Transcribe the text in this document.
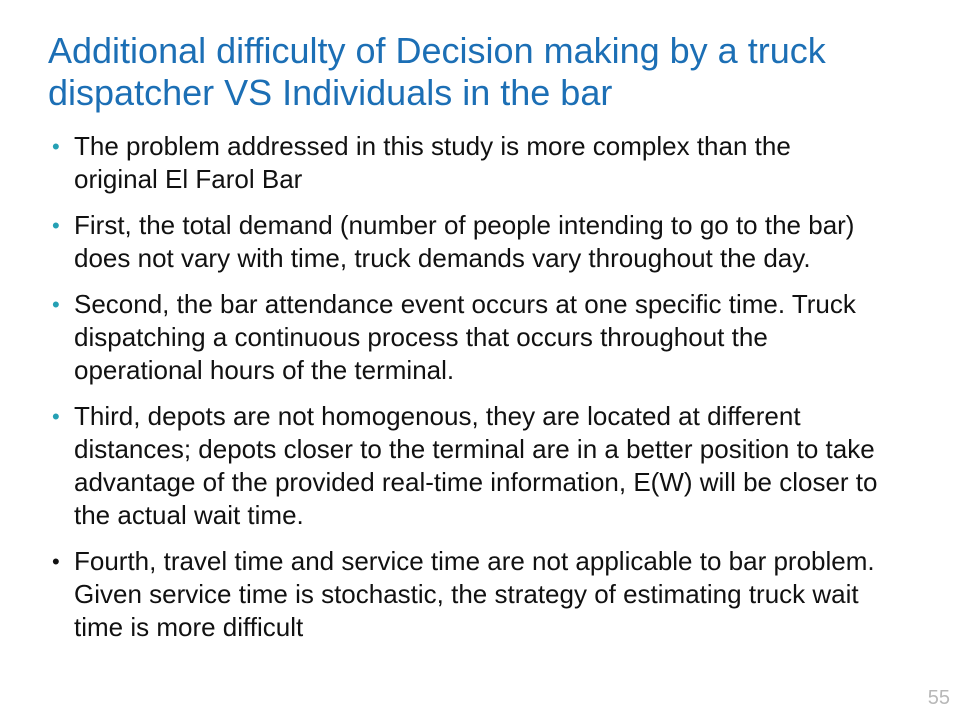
Additional difficulty of Decision making by a truck dispatcher VS Individuals in the bar
• The problem addressed in this study is more complex than the original El Farol Bar
• First, the total demand (number of people intending to go to the bar) does not vary with time, truck demands vary throughout the day.
• Second, the bar attendance event occurs at one specific time. Truck dispatching a continuous process that occurs throughout the operational hours of the terminal.
• Third, depots are not homogenous, they are located at different distances; depots closer to the terminal are in a better position to take advantage of the provided real-time information, E(W) will be closer to the actual wait time.
• Fourth, travel time and service time are not applicable to bar problem. Given service time is stochastic, the strategy of estimating truck wait time is more difficult
55
